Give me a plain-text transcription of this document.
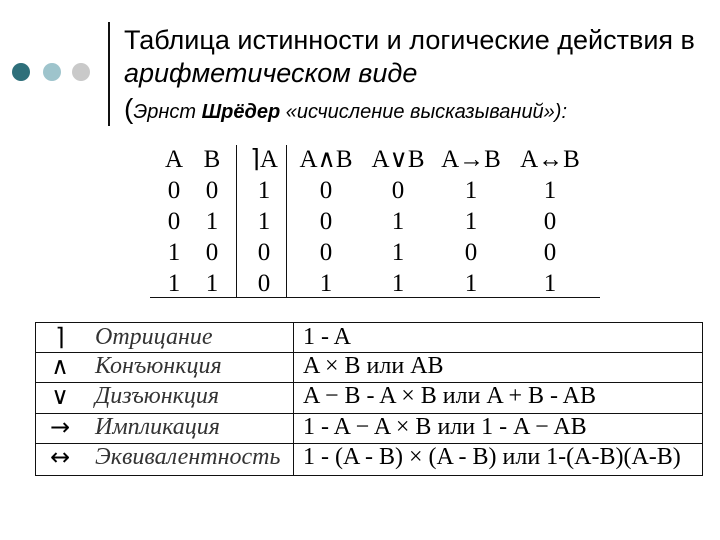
Таблица истинности и логические действия в арифметическом виде
(Эрнст Шрёдер «исчисление высказываний»):
A B	⌉A A∧B A∨B A→B A↔B
0	0	1	0	0	1	1
0	1	1	0	1	1	0
1	0	0	0	1	0	0
1	1	0	1	1	1	1
⌉	Отрицание	1 - A
∧	Конъюнкция	A × B или AB
∨	Дизъюнкция	A − B - A × B или A + B - AB
→	Импликация	1 - A − A × B или 1 - A − AB
↔	Эквивалентность 1 - (A - B) × (A - B) или 1-(A-B)(A-B)
